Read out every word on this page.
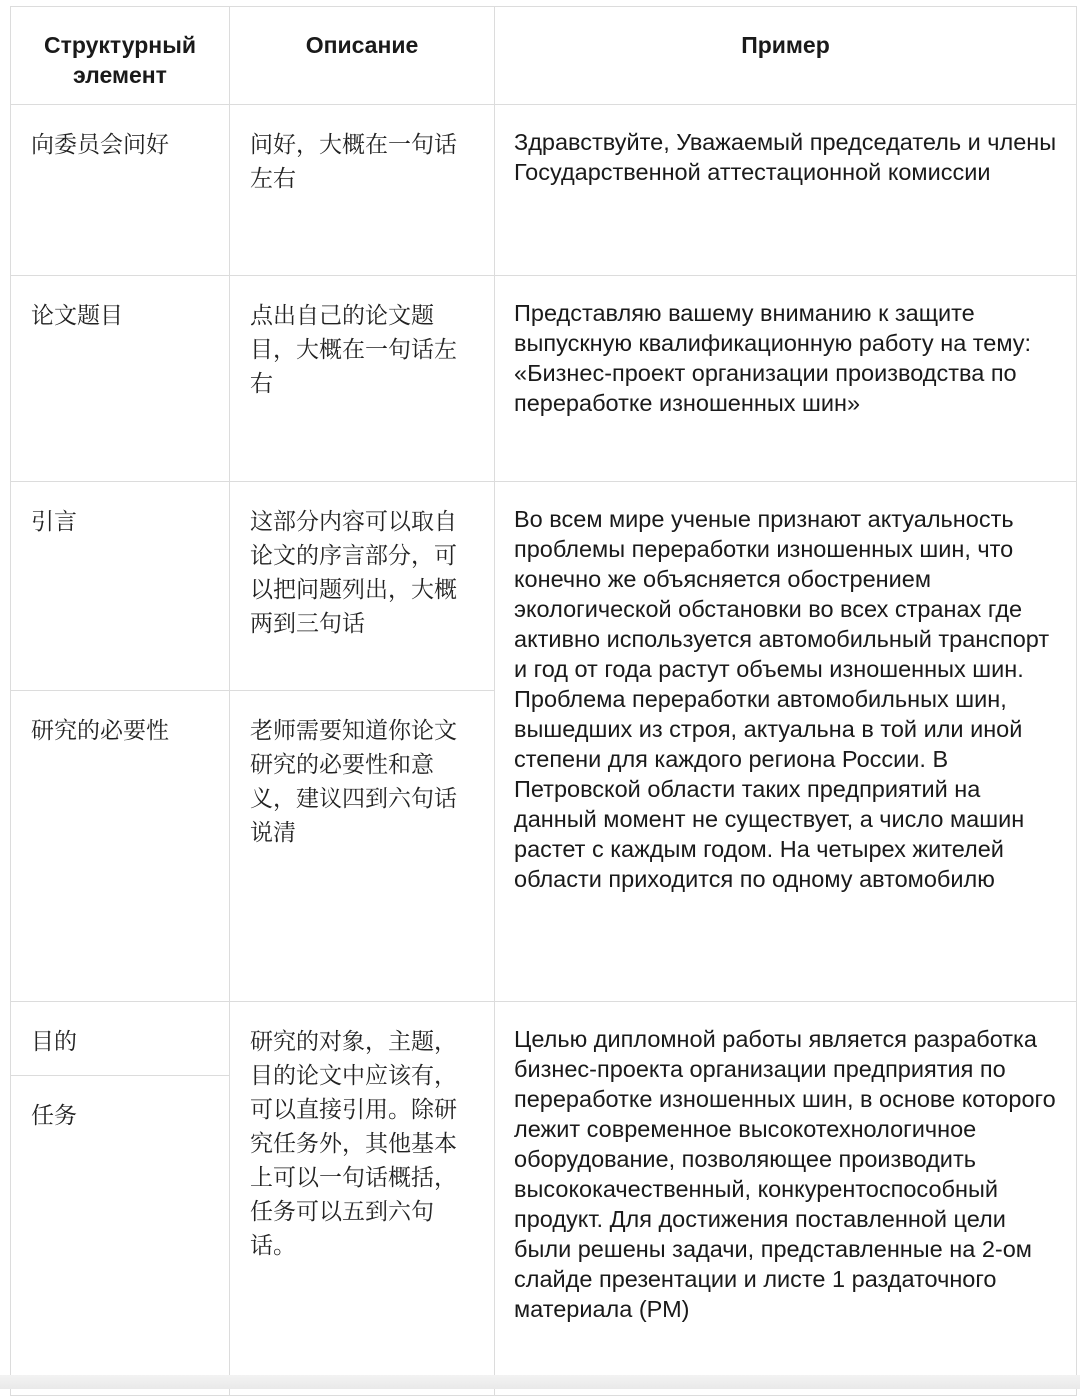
Структурный элемент	Описание	Пример

向委员会问好	问好，大概在一句话左右	Здравствуйте, Уважаемый председатель и члены Государственной аттестационной комиссии

论文题目	点出自己的论文题目，大概在一句话左右	Представляю вашему вниманию к защите выпускную квалификационную работу на тему: «Бизнес-проект организации производства по переработке изношенных шин»

引言	这部分内容可以取自论文的序言部分，可以把问题列出，大概两到三句话	Во всем мире ученые признают актуальность проблемы переработки изношенных шин, что конечно же объясняется обострением экологической обстановки во всех странах где активно используется автомобильный транспорт и год от года растут объемы изношенных шин. Проблема переработки автомобильных шин, вышедших из строя, актуальна в той или иной степени для каждого региона России. В Петровской области таких предприятий на данный момент не существует, а число машин растет с каждым годом. На четырех жителей области приходится по одному автомобилю

研究的必要性	老师需要知道你论文研究的必要性和意义，建议四到六句话说清	

目的	研究的对象，主题，目的论文中应该有，可以直接引用。除研究任务外，其他基本上可以一句话概括，任务可以五到六句话。	Целью дипломной работы является разработка бизнес-проекта организации предприятия по переработке изношенных шин, в основе которого лежит современное высокотехнологичное оборудование, позволяющее производить высококачественный, конкурентоспособный продукт. Для достижения поставленной цели были решены задачи, представленные на 2-ом слайде презентации и листе 1 раздаточного материала (РМ)

任务		
